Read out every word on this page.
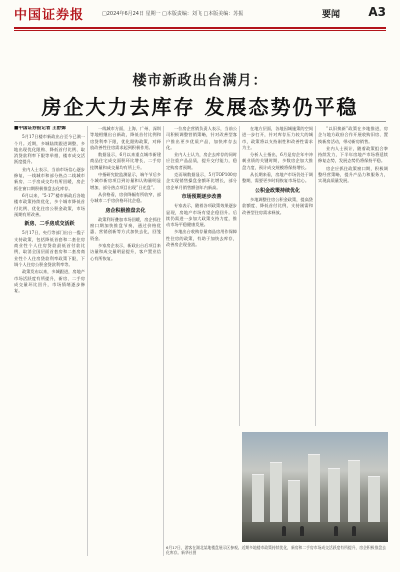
中国证券报	□2024年6月24日 星期一 □本版责编：刘飞 □本版美编：苏振	要闻 A3
楼市新政出台满月：
房企大力去库存 发展态势仍平稳
■中国证券报记者 王舒嫄

5月17日楼市新政出台至今已满一个月。近期，多城陆续跟进调整，多地出现优化限购、降低首付比例、取消贷款利率下限等举措，楼市成交活跃度提升。

业内人士表示，当前市场信心逐步修复，一线城市和部分热点二线城市新房、二手房成交均有所回暖，房企抓住窗口期积极推盘去化库存。

6月以来，“5·17”楼市新政后各地楼市政策持续优化，多个城市降低首付比例、优化住房公积金政策，市场预期有所改善。

新房、二手房成交活跃

5月17日，央行等部门出台一揽子支持政策，包括降低首套和二套住房商业性个人住房贷款最低首付款比例，取消全国层面首套房和二套房商业性个人住房贷款利率政策下限，下调个人住房公积金贷款利率等。

政策发布以来，多城跟进，房地产市场活跃度有所提升，新房、二手房成交量环比回升，市场情绪逐步修复。

一线城市方面，上海、广州、深圳等地相继出台新政，降低首付比例和房贷利率下限，优化限购政策，对释放改善性住房需求起到积极作用。

数据显示，6月以来重点城市新建商品住宅成交面积环比增长，二手房挂牌量和成交量均有所上升。

中指研究院监测显示，端午节后多个城市新房项目到访量和认购量明显增加，部分热点项目出现“日光盘”。

从价格看，房价降幅有所收窄，部分城市二手房价格环比企稳。

房企积极推盘去化

政策利好叠加市场回暖，房企抓住窗口期加快推盘节奏，通过价格优惠、营销创新等方式加快去化，回笼资金。

多家房企表示，新政出台后项目来访量和成交量明显提升，客户置业信心有所恢复。

一位房企营销负责人表示，当前公司积极调整营销策略，针对改善型客户推出更多优质产品，加快库存去化。

业内人士认为，房企去库存的同时应注重产品品质，提升交付能力，稳定购房者预期。

克而瑞数据显示，5月TOP100房企实现销售操盘金额环比增长，部分房企单月销售额创年内新高。

市场预期逐步改善

专家表示，随着各项政策效果逐步显现，房地产市场有望企稳回升。后续仍需进一步加大政策支持力度，推动市场平稳健康发展。

多地出台收购存量商品房用作保障性住房的政策，有助于加快去库存，改善房企现金流。

在地方层面，各地因城施策的空间进一步打开，针对库存压力较大的城市，政策将以支持刚性和改善性需求为主。

分析人士指出，6月是房企年中冲刺业绩的关键时期，多数房企加大推盘力度，预计成交规模将保持增长。

从长期来看，房地产市场仍处于调整期，需要更多时间恢复市场信心。

公积金政策持续优化

多地调整住房公积金政策，提高贷款额度、降低首付比例，支持刚需和改善型住房需求释放。

“以旧换新”政策在多地推进，房企与地方政府合作开展收购旧房、置换新房活动，带动新房销售。

业内人士预计，随着政策组合拳持续发力，下半年房地产市场将延续修复态势，发展态势仍将保持平稳。

房企应抓住政策窗口期，积极调整经营策略，提升产品力和服务力，实现高质量发展。

6月17日，游客在湖北某地楼盘展示区参观。近期多地楼市政策持续优化，新房和二手房市场成交活跃度有所提升，房企积极推盘去化库存。新华社图
